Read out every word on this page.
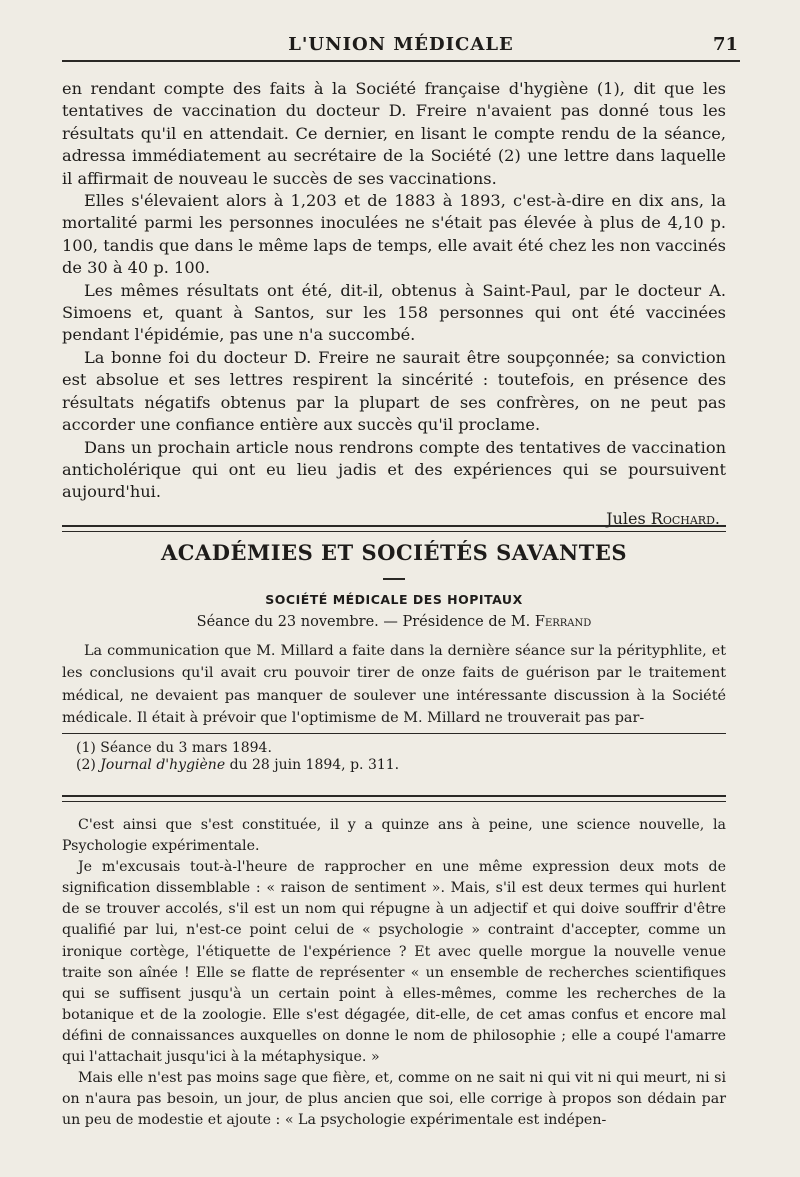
L'UNION MÉDICALE	71

en rendant compte des faits à la Société française d'hygiène (1), dit que les tentatives de vaccination du docteur D. Freire n'avaient pas donné tous les résultats qu'il en attendait. Ce dernier, en lisant le compte rendu de la séance, adressa immédiatement au secrétaire de la Société (2) une lettre dans laquelle il affirmait de nouveau le succès de ses vaccinations.

Elles s'élevaient alors à 1,203 et de 1883 à 1893, c'est-à-dire en dix ans, la mortalité parmi les personnes inoculées ne s'était pas élevée à plus de 4,10 p. 100, tandis que dans le même laps de temps, elle avait été chez les non vaccinés de 30 à 40 p. 100.

Les mêmes résultats ont été, dit-il, obtenus à Saint-Paul, par le docteur A. Simoens et, quant à Santos, sur les 158 personnes qui ont été vaccinées pendant l'épidémie, pas une n'a succombé.

La bonne foi du docteur D. Freire ne saurait être soupçonnée; sa conviction est absolue et ses lettres respirent la sincérité : toutefois, en présence des résultats négatifs obtenus par la plupart de ses confrères, on ne peut pas accorder une confiance entière aux succès qu'il proclame.

Dans un prochain article nous rendrons compte des tentatives de vaccination anticholérique qui ont eu lieu jadis et des expériences qui se poursuivent aujourd'hui.

Jules Rochard.
ACADÉMIES ET SOCIÉTÉS SAVANTES
SOCIÉTÉ MÉDICALE DES HOPITAUX
Séance du 23 novembre. — Présidence de M. Ferrand

La communication que M. Millard a faite dans la dernière séance sur la pérityphlite, et les conclusions qu'il avait cru pouvoir tirer de onze faits de guérison par le traitement médical, ne devaient pas manquer de soulever une intéressante discussion à la Société médicale. Il était à prévoir que l'optimisme de M. Millard ne trouverait pas par-

(1) Séance du 3 mars 1894.
(2) Journal d'hygiène du 28 juin 1894, p. 311.

C'est ainsi que s'est constituée, il y a quinze ans à peine, une science nouvelle, la Psychologie expérimentale.

Je m'excusais tout-à-l'heure de rapprocher en une même expression deux mots de signification dissemblable : « raison de sentiment ». Mais, s'il est deux termes qui hurlent de se trouver accolés, s'il est un nom qui répugne à un adjectif et qui doive souffrir d'être qualifié par lui, n'est-ce point celui de « psychologie » contraint d'accepter, comme un ironique cortège, l'étiquette de l'expérience ? Et avec quelle morgue la nouvelle venue traite son aînée ! Elle se flatte de représenter « un ensemble de recherches scientifiques qui se suffisent jusqu'à un certain point à elles-mêmes, comme les recherches de la botanique et de la zoologie. Elle s'est dégagée, dit-elle, de cet amas confus et encore mal défini de connaissances auxquelles on donne le nom de philosophie ; elle a coupé l'amarre qui l'attachait jusqu'ici à la métaphysique. »

Mais elle n'est pas moins sage que fière, et, comme on ne sait ni qui vit ni qui meurt, ni si on n'aura pas besoin, un jour, de plus ancien que soi, elle corrige à propos son dédain par un peu de modestie et ajoute : « La psychologie expérimentale est indépen-
